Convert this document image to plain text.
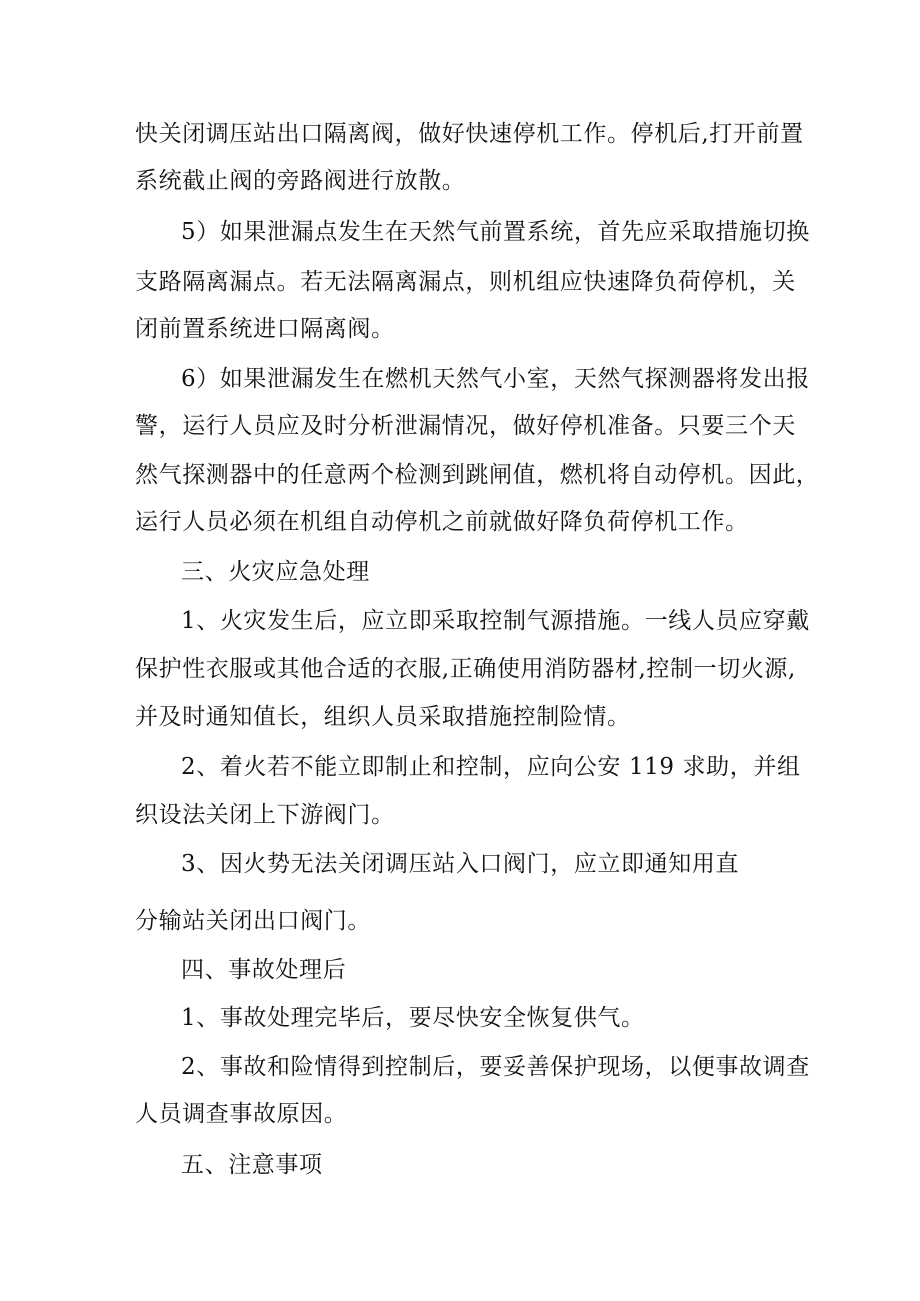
快关闭调压站出口隔离阀，做好快速停机工作。停机后,打开前置
系统截止阀的旁路阀进行放散。
5）如果泄漏点发生在天然气前置系统，首先应采取措施切换
支路隔离漏点。若无法隔离漏点，则机组应快速降负荷停机，关
闭前置系统进口隔离阀。
6）如果泄漏发生在燃机天然气小室，天然气探测器将发出报
警，运行人员应及时分析泄漏情况，做好停机准备。只要三个天
然气探测器中的任意两个检测到跳闸值，燃机将自动停机。因此，
运行人员必须在机组自动停机之前就做好降负荷停机工作。
三、火灾应急处理
1、火灾发生后，应立即采取控制气源措施。一线人员应穿戴
保护性衣服或其他合适的衣服,正确使用消防器材,控制一切火源,
并及时通知值长，组织人员采取措施控制险情。
2、着火若不能立即制止和控制，应向公安 119 求助，并组
织设法关闭上下游阀门。
3、因火势无法关闭调压站入口阀门，应立即通知用直
分输站关闭出口阀门。
四、事故处理后
1、事故处理完毕后，要尽快安全恢复供气。
2、事故和险情得到控制后，要妥善保护现场，以便事故调查
人员调查事故原因。
五、注意事项
